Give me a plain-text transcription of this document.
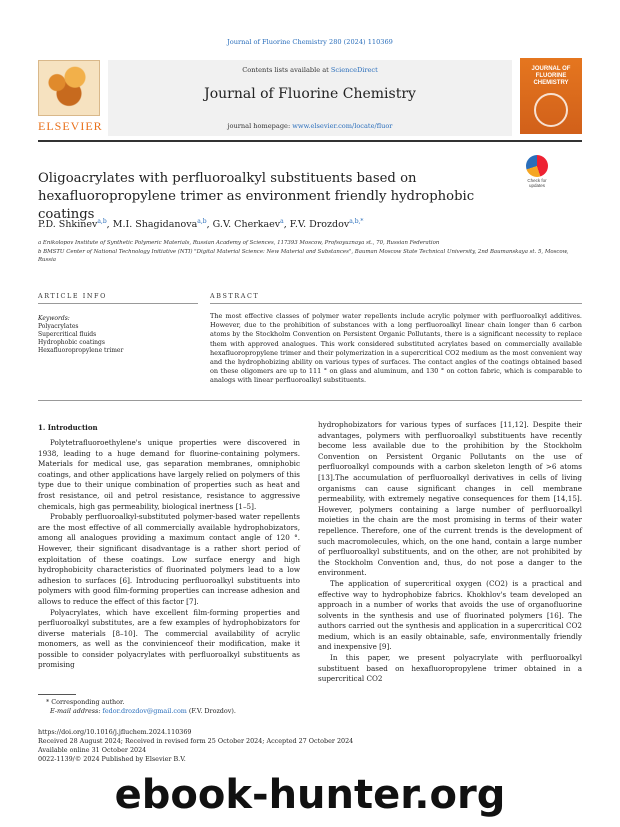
Journal of Fluorine Chemistry 280 (2024) 110369
ELSEVIER
Contents lists available at ScienceDirect
Journal of Fluorine Chemistry
journal homepage: www.elsevier.com/locate/fluor
JOURNAL OF FLUORINE CHEMISTRY
Oligoacrylates with perfluoroalkyl substituents based on hexafluoropropylene trimer as environment friendly hydrophobic coatings
Check for updates
P.D. Shkinev$^{a,b}$, M.I. Shagidanova$^{a,b}$, G.V. Cherkaev$^a$, F.V. Drozdov$^{a,b,*}$
a Enikolopov Institute of Synthetic Polymeric Materials, Russian Academy of Sciences, 117393 Moscow, Profsoyuznaya st., 70, Russian Federation
b BMSTU Center of National Technology Initiative (NTI) "Digital Material Science: New Material and Substances", Bauman Moscow State Technical University, 2nd Baumanskaya st. 5, Moscow, Russia
ARTICLE INFO	ABSTRACT
Keywords:
Polyacrylates
Supercritical fluids
Hydrophobic coatings
Hexafluoropropylene trimer
The most effective classes of polymer water repellents include acrylic polymer with perfluoroalkyl additives. However, due to the prohibition of substances with a long perfluoroalkyl linear chain longer than 6 carbon atoms by the Stockholm Convention on Persistent Organic Pollutants, there is a significant necessity to replace them with approved analogues. This work considered substituted acrylates based on commercially available hexafluoropropylene trimer and their polymerization in a supercritical CO2 medium as the most convenient way and the hydrophobizing ability on various types of surfaces. The contact angles of the coatings obtained based on these oligomers are up to 111 ° on glass and aluminum, and 130 ° on cotton fabric, which is comparable to analogs with linear perfluoroalkyl substituents.
1. Introduction

Polytetrafluoroethylene's unique properties were discovered in 1938, leading to a huge demand for fluorine-containing polymers. Materials for medical use, gas separation membranes, omniphobic coatings, and other applications have largely relied on polymers of this type due to their unique combination of properties such as heat and frost resistance, oil and petrol resistance, resistance to aggressive chemicals, high gas permeability, biological inertness [1–5].

Probably perfluoroalkyl-substituted polymer-based water repellents are the most effective of all commercially available hydrophobizators, among all analogues providing a maximum contact angle of 120 °. However, their significant disadvantage is a rather short period of exploitation of these coatings. Low surface energy and high hydrophobicity characteristics of fluorinated polymers lead to a low adhesion to surfaces [6]. Introducing perfluoroalkyl substituents into polymers with good film-forming properties can increase adhesion and allows to reduce the effect of this factor [7].

Polyacrylates, which have excellent film-forming properties and perfluoroalkyl substitutes, are a few examples of hydrophobizators for diverse materials [8–10]. The commercial availability of acrylic monomers, as well as the convinienceof their modification, make it possible to consider polyacrylates with perfluoroalkyl substituents as promising

hydrophobizators for various types of surfaces [11,12]. Despite their advantages, polymers with perfluoroalkyl substituents have recently become less available due to the prohibition by the Stockholm Convention on Persistent Organic Pollutants on the use of perfluoroalkyl compounds with a carbon skeleton length of >6 atoms [13].The accumulation of perfluoroalkyl derivatives in cells of living organisms can cause significant changes in cell membrane permeability, with extremely negative consequences for them [14,15]. However, polymers containing a large number of perfluoroalkyl moieties in the chain are the most promising in terms of their water repellence. Therefore, one of the current trends is the development of such macromolecules, which, on the one hand, contain a large number of perfluoroalkyl substituents, and on the other, are not prohibited by the Stockholm Convention and, thus, do not pose a danger to the environment.

The application of supercritical oxygen (CO2) is a practical and effective way to hydrophobize fabrics. Khokhlov's team developed an approach in a number of works that avoids the use of organofluorine solvents in the synthesis and use of fluorinated polymers [16]. The authors carried out the synthesis and application in a supercritical CO2 medium, which is an easily obtainable, safe, environmentally friendly and inexpensive [9].

In this paper, we present polyacrylate with perfluoroalkyl substituent based on hexafluoropropylene trimer obtained in a supercritical CO2

* Corresponding author.
E-mail address: fedor.drozdov@gmail.com (F.V. Drozdov).
https://doi.org/10.1016/j.jfluchem.2024.110369
Received 28 August 2024; Received in revised form 25 October 2024; Accepted 27 October 2024
Available online 31 October 2024
0022-1139/© 2024 Published by Elsevier B.V.
ebook-hunter.org
